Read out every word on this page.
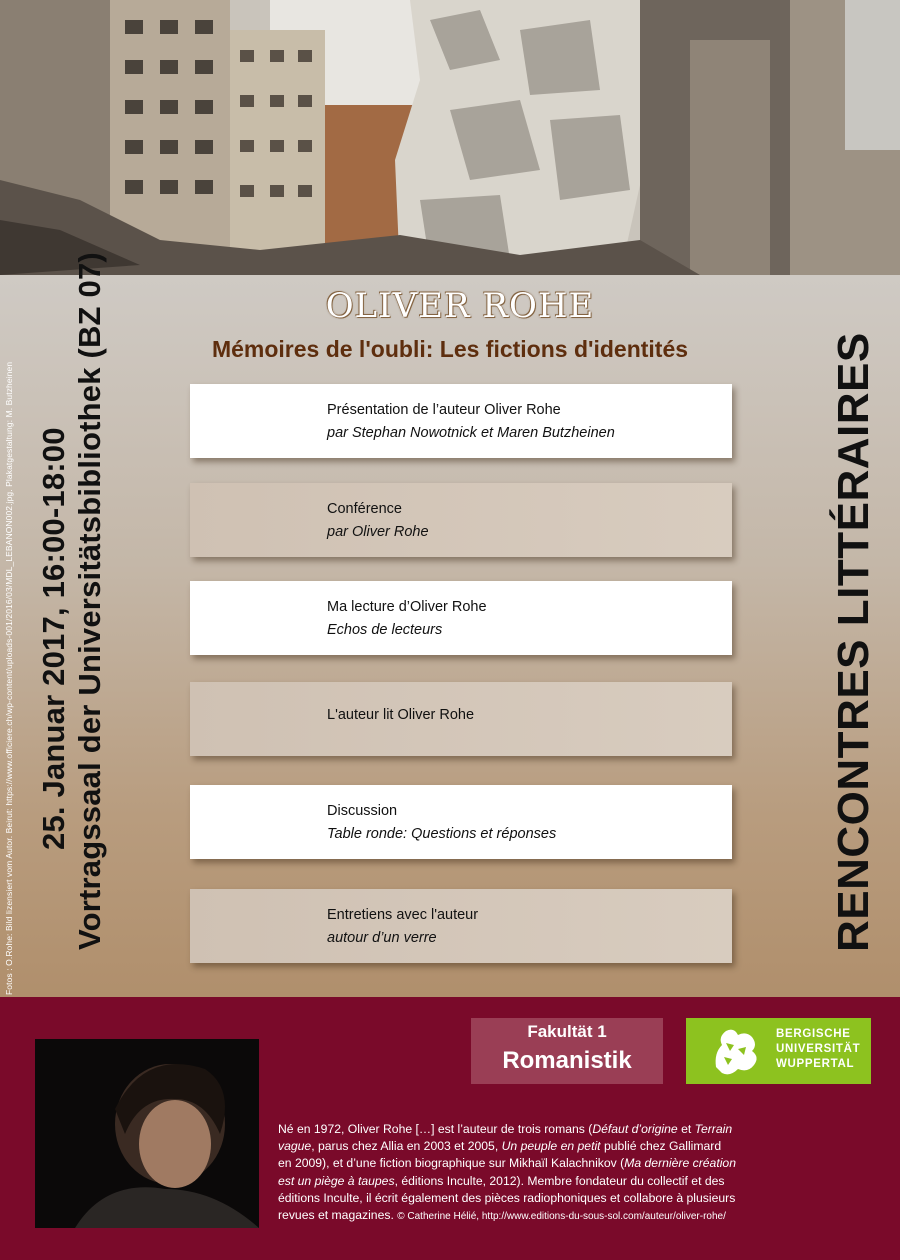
Fotos : O.Rohe: Bild lizensiert vom Autor. Beirut: https://www.officiere.ch/wp-content/uploads-001/2016/03/MDL_LEBANON002.jpg. Plakatgestaltung: M. Butzheinen 25. Januar 2017, 16:00-18:00 Vortragssaal der Universitätsbibliothek (BZ 07)	RENCONTRES LITTÉRAIRES
OLIVER ROHE
Mémoires de l'oubli: Les fictions d'identités
Présentation de l’auteur Oliver Rohe
par Stephan Nowotnick et Maren Butzheinen
Conférence
par Oliver Rohe
Ma lecture d’Oliver Rohe
Echos de lecteurs
L'auteur lit Oliver Rohe
Discussion
Table ronde: Questions et réponses
Entretiens avec l'auteur
autour d’un verre
Fakultät 1
Romanistik
BERGISCHE
UNIVERSITÄT
WUPPERTAL
Né en 1972, Oliver Rohe […] est l’auteur de trois romans (Défaut d’origine et Terrain vague, parus chez Allia en 2003 et 2005, Un peuple en petit publié chez Gallimard en 2009), et d’une fiction biographique sur Mikhaïl Kalachnikov (Ma dernière création est un piège à taupes, éditions Inculte, 2012). Membre fondateur du collectif et des éditions Inculte, il écrit également des pièces radiophoniques et collabore à plusieurs revues et magazines. © Catherine Hélié, http://www.editions-du-sous-sol.com/auteur/oliver-rohe/
